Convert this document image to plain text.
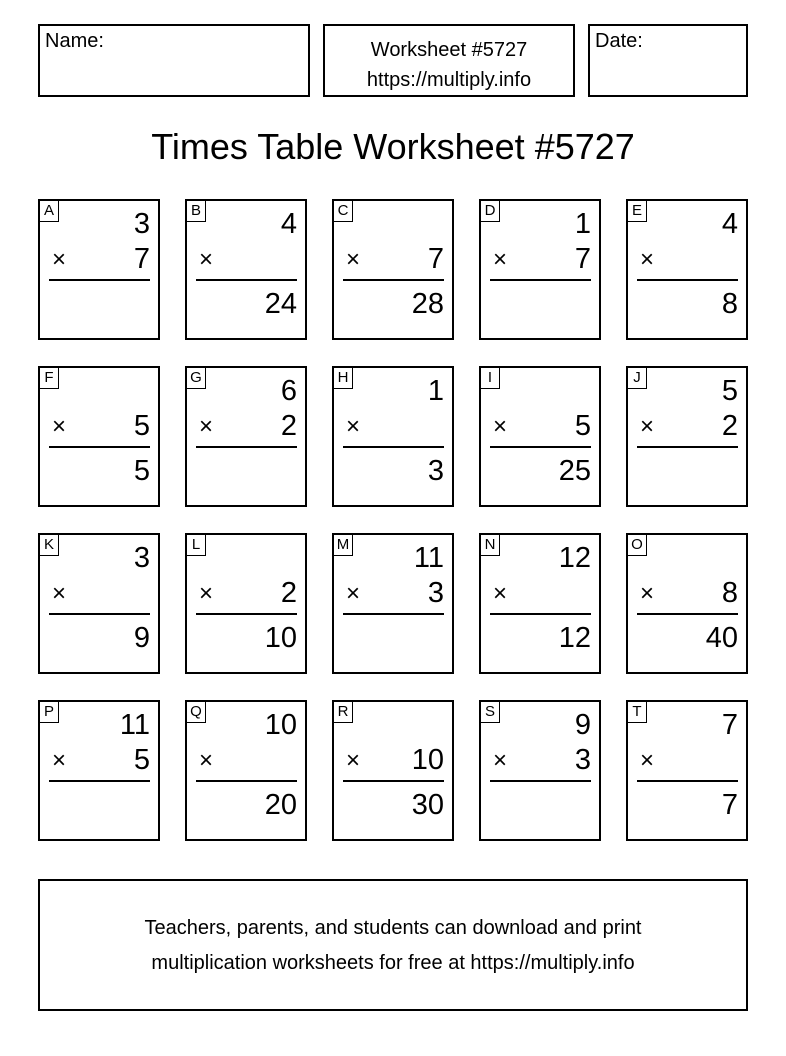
Name:	Worksheet #5727
https://multiply.info
Date:
Times Table Worksheet #5727
A	3
× 7
B	4
×
24
C
× 7
28
D	1
× 7
E	4
×
8
F
× 5
5
G	6
× 2
H	1
×
3
I
× 5
25
J	5
× 2
K	3
×
9
L
× 2
10
M 11
× 3
N 12
×
12
O
× 8
40
P 11
× 5
Q 10
×
20
R
× 10
30
S	9
× 3
T	7
×
7
Teachers, parents, and students can download and print
multiplication worksheets for free at https://multiply.info
